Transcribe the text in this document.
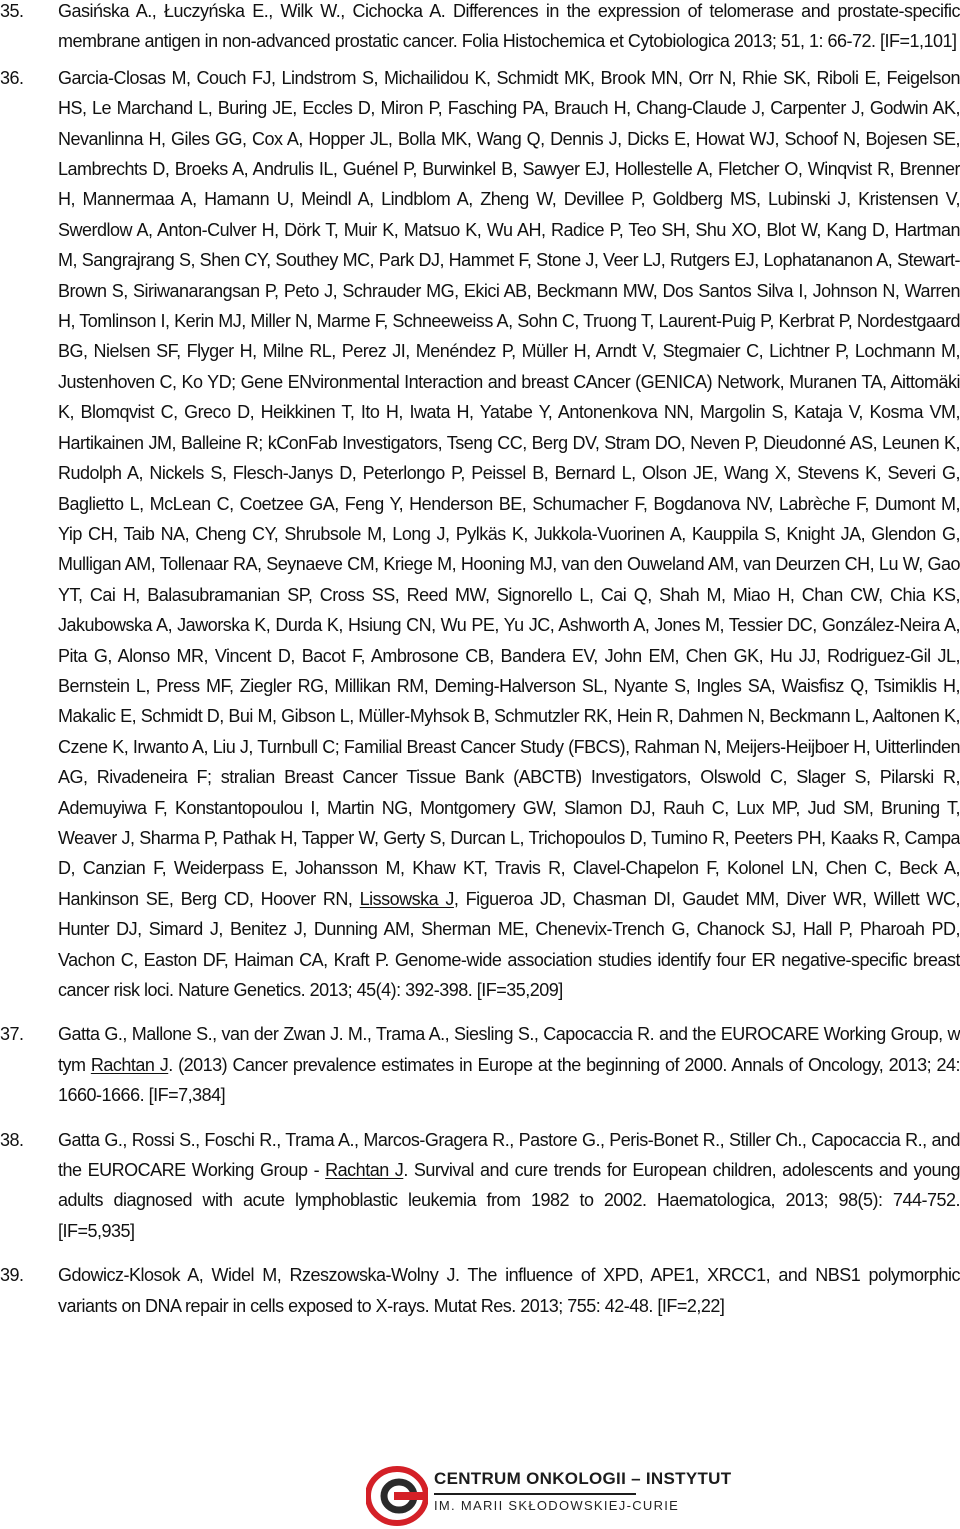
35.	Gasińska A., Łuczyńska E., Wilk W., Cichocka A. Differences in the expression of telomerase and prostate-specific membrane antigen in non-advanced prostatic cancer. Folia Histochemica et Cytobiologica 2013; 51, 1: 66-72. [IF=1,101]
36.	Garcia-Closas M, Couch FJ, Lindstrom S, Michailidou K, Schmidt MK, Brook MN, Orr N, Rhie SK, Riboli E, Feigelson HS, Le Marchand L, Buring JE, Eccles D, Miron P, Fasching PA, Brauch H, Chang-Claude J, Carpenter J, Godwin AK, Nevanlinna H, Giles GG, Cox A, Hopper JL, Bolla MK, Wang Q, Dennis J, Dicks E, Howat WJ, Schoof N, Bojesen SE, Lambrechts D, Broeks A, Andrulis IL, Guénel P, Burwinkel B, Sawyer EJ, Hollestelle A, Fletcher O, Winqvist R, Brenner H, Mannermaa A, Hamann U, Meindl A, Lindblom A, Zheng W, Devillee P, Goldberg MS, Lubinski J, Kristensen V, Swerdlow A, Anton-Culver H, Dörk T, Muir K, Matsuo K, Wu AH, Radice P, Teo SH, Shu XO, Blot W, Kang D, Hartman M, Sangrajrang S, Shen CY, Southey MC, Park DJ, Hammet F, Stone J, Veer LJ, Rutgers EJ, Lophatananon A, Stewart-Brown S, Siriwanarangsan P, Peto J, Schrauder MG, Ekici AB, Beckmann MW, Dos Santos Silva I, Johnson N, Warren H, Tomlinson I, Kerin MJ, Miller N, Marme F, Schneeweiss A, Sohn C, Truong T, Laurent-Puig P, Kerbrat P, Nordestgaard BG, Nielsen SF, Flyger H, Milne RL, Perez JI, Menéndez P, Müller H, Arndt V, Stegmaier C, Lichtner P, Lochmann M, Justenhoven C, Ko YD; Gene ENvironmental Interaction and breast CAncer (GENICA) Network, Muranen TA, Aittomäki K, Blomqvist C, Greco D, Heikkinen T, Ito H, Iwata H, Yatabe Y, Antonenkova NN, Margolin S, Kataja V, Kosma VM, Hartikainen JM, Balleine R; kConFab Investigators, Tseng CC, Berg DV, Stram DO, Neven P, Dieudonné AS, Leunen K, Rudolph A, Nickels S, Flesch-Janys D, Peterlongo P, Peissel B, Bernard L, Olson JE, Wang X, Stevens K, Severi G, Baglietto L, McLean C, Coetzee GA, Feng Y, Henderson BE, Schumacher F, Bogdanova NV, Labrèche F, Dumont M, Yip CH, Taib NA, Cheng CY, Shrubsole M, Long J, Pylkäs K, Jukkola-Vuorinen A, Kauppila S, Knight JA, Glendon G, Mulligan AM, Tollenaar RA, Seynaeve CM, Kriege M, Hooning MJ, van den Ouweland AM, van Deurzen CH, Lu W, Gao YT, Cai H, Balasubramanian SP, Cross SS, Reed MW, Signorello L, Cai Q, Shah M, Miao H, Chan CW, Chia KS, Jakubowska A, Jaworska K, Durda K, Hsiung CN, Wu PE, Yu JC, Ashworth A, Jones M, Tessier DC, González-Neira A, Pita G, Alonso MR, Vincent D, Bacot F, Ambrosone CB, Bandera EV, John EM, Chen GK, Hu JJ, Rodriguez-Gil JL, Bernstein L, Press MF, Ziegler RG, Millikan RM, Deming-Halverson SL, Nyante S, Ingles SA, Waisfisz Q, Tsimiklis H, Makalic E, Schmidt D, Bui M, Gibson L, Müller-Myhsok B, Schmutzler RK, Hein R, Dahmen N, Beckmann L, Aaltonen K, Czene K, Irwanto A, Liu J, Turnbull C; Familial Breast Cancer Study (FBCS), Rahman N, Meijers-Heijboer H, Uitterlinden AG, Rivadeneira F; stralian Breast Cancer Tissue Bank (ABCTB) Investigators, Olswold C, Slager S, Pilarski R, Ademuyiwa F, Konstantopoulou I, Martin NG, Montgomery GW, Slamon DJ, Rauh C, Lux MP, Jud SM, Bruning T, Weaver J, Sharma P, Pathak H, Tapper W, Gerty S, Durcan L, Trichopoulos D, Tumino R, Peeters PH, Kaaks R, Campa D, Canzian F, Weiderpass E, Johansson M, Khaw KT, Travis R, Clavel-Chapelon F, Kolonel LN, Chen C, Beck A, Hankinson SE, Berg CD, Hoover RN, Lissowska J, Figueroa JD, Chasman DI, Gaudet MM, Diver WR, Willett WC, Hunter DJ, Simard J, Benitez J, Dunning AM, Sherman ME, Chenevix-Trench G, Chanock SJ, Hall P, Pharoah PD, Vachon C, Easton DF, Haiman CA, Kraft P. Genome-wide association studies identify four ER negative-specific breast cancer risk loci. Nature Genetics. 2013; 45(4): 392-398. [IF=35,209]
37.	Gatta G., Mallone S., van der Zwan J. M., Trama A., Siesling S., Capocaccia R. and the EUROCARE Working Group, w tym Rachtan J. (2013) Cancer prevalence estimates in Europe at the beginning of 2000. Annals of Oncology, 2013; 24: 1660-1666. [IF=7,384]
38.	Gatta G., Rossi S., Foschi R., Trama A., Marcos-Gragera R., Pastore G., Peris-Bonet R., Stiller Ch., Capocaccia R., and the EUROCARE Working Group - Rachtan J. Survival and cure trends for European children, adolescents and young adults diagnosed with acute lymphoblastic leukemia from 1982 to 2002. Haematologica, 2013; 98(5): 744-752. [IF=5,935]
39.	Gdowicz-Klosok A, Widel M, Rzeszowska-Wolny J. The influence of XPD, APE1, XRCC1, and NBS1 polymorphic variants on DNA repair in cells exposed to X-rays. Mutat Res. 2013; 755: 42-48. [IF=2,22]
CENTRUM ONKOLOGII – INSTYTUT
IM. MARII SKŁODOWSKIEJ-CURIE
